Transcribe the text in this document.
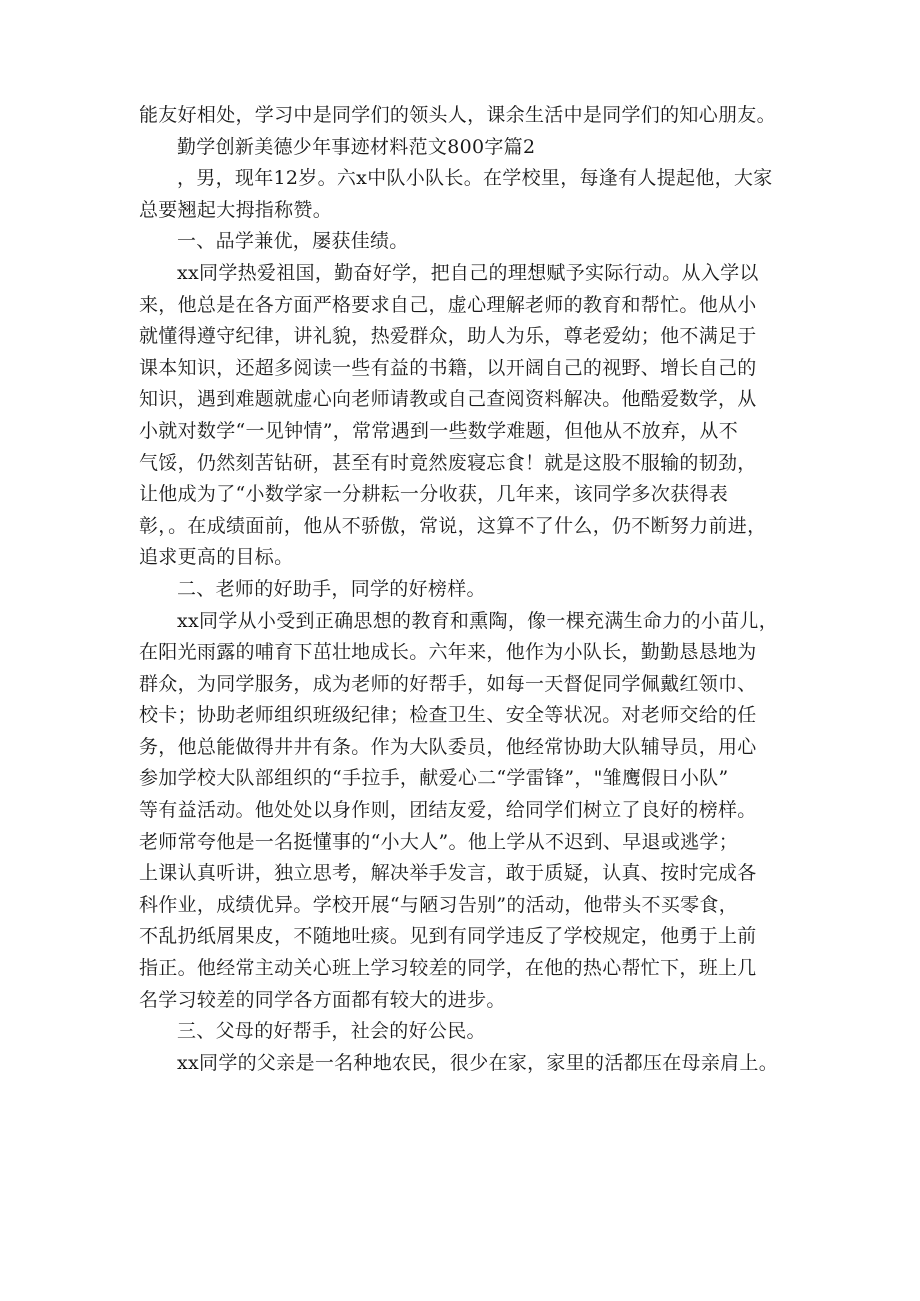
能友好相处，学习中是同学们的领头人，课余生活中是同学们的知心朋友。
勤学创新美德少年事迹材料范文800字篇2
，男，现年12岁。六x中队小队长。在学校里，每逢有人提起他，大家
总要翘起大拇指称赞。
一、品学兼优，屡获佳绩。
xx同学热爱祖国，勤奋好学，把自己的理想赋予实际行动。从入学以
来，他总是在各方面严格要求自己，虚心理解老师的教育和帮忙。他从小
就懂得遵守纪律，讲礼貌，热爱群众，助人为乐，尊老爱幼；他不满足于
课本知识，还超多阅读一些有益的书籍，以开阔自己的视野、增长自己的
知识，遇到难题就虚心向老师请教或自己查阅资料解决。他酷爱数学，从
小就对数学“一见钟情”，常常遇到一些数学难题，但他从不放弃，从不
气馁，仍然刻苦钻研，甚至有时竟然废寝忘食！就是这股不服输的韧劲，
让他成为了“小数学家一分耕耘一分收获，几年来，该同学多次获得表
彰，。在成绩面前，他从不骄傲，常说，这算不了什么，仍不断努力前进，
追求更高的目标。
二、老师的好助手，同学的好榜样。
xx同学从小受到正确思想的教育和熏陶，像一棵充满生命力的小苗儿，
在阳光雨露的哺育下茁壮地成长。六年来，他作为小队长，勤勤恳恳地为
群众，为同学服务，成为老师的好帮手，如每一天督促同学佩戴红领巾、
校卡；协助老师组织班级纪律；检查卫生、安全等状况。对老师交给的任
务，他总能做得井井有条。作为大队委员，他经常协助大队辅导员，用心
参加学校大队部组织的“手拉手，献爱心二“学雷锋”，"雏鹰假日小队”
等有益活动。他处处以身作则，团结友爱，给同学们树立了良好的榜样。
老师常夸他是一名挺懂事的“小大人”。他上学从不迟到、早退或逃学；
上课认真听讲，独立思考，解决举手发言，敢于质疑，认真、按时完成各
科作业，成绩优异。学校开展“与陋习告别”的活动，他带头不买零食，
不乱扔纸屑果皮，不随地吐痰。见到有同学违反了学校规定，他勇于上前
指正。他经常主动关心班上学习较差的同学，在他的热心帮忙下，班上几
名学习较差的同学各方面都有较大的进步。
三、父母的好帮手，社会的好公民。
xx同学的父亲是一名种地农民，很少在家，家里的活都压在母亲肩上。
